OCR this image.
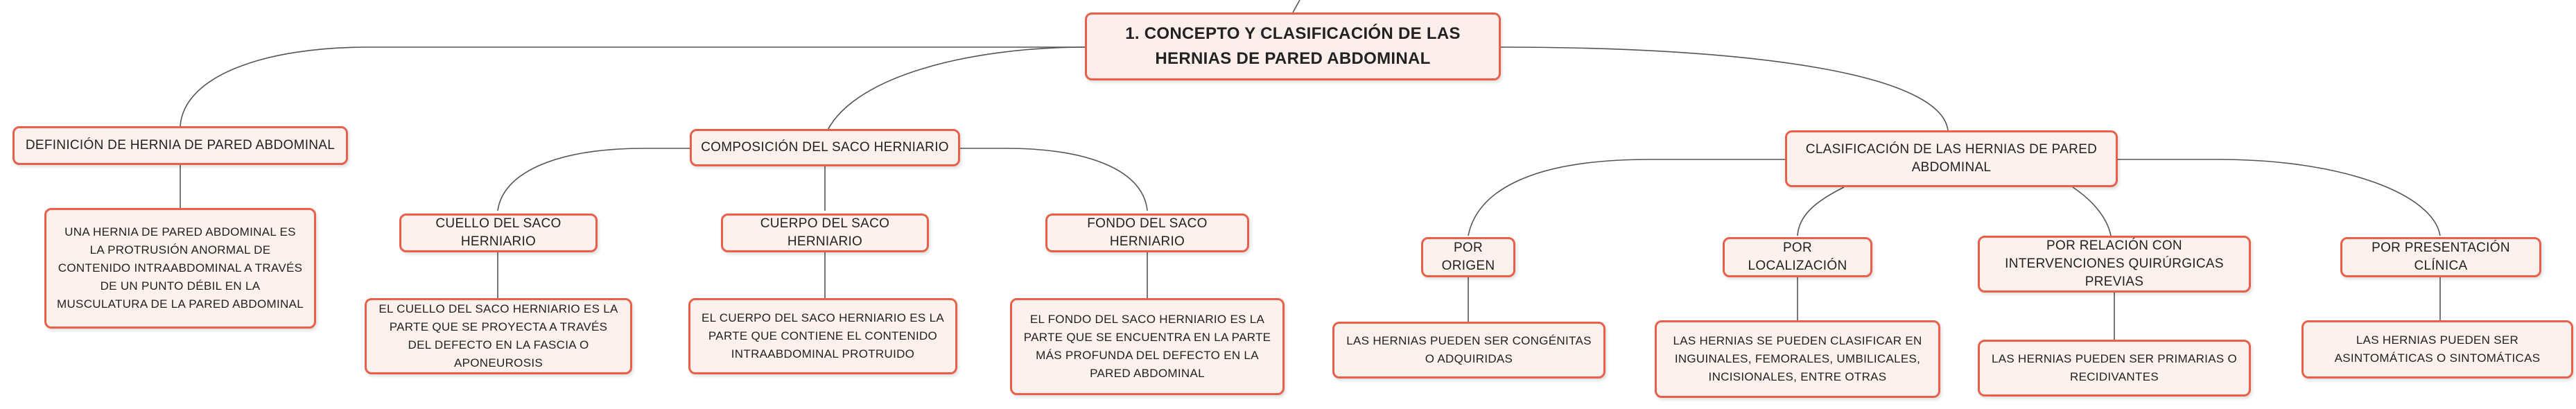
1. CONCEPTO Y CLASIFICACIÓN DE LAS HERNIAS DE PARED ABDOMINAL
DEFINICIÓN DE HERNIA DE PARED ABDOMINAL
UNA HERNIA DE PARED ABDOMINAL ES LA PROTRUSIÓN ANORMAL DE CONTENIDO INTRAABDOMINAL A TRAVÉS DE UN PUNTO DÉBIL EN LA MUSCULATURA DE LA PARED ABDOMINAL
COMPOSICIÓN DEL SACO HERNIARIO
CUELLO DEL SACO HERNIARIO
EL CUELLO DEL SACO HERNIARIO ES LA PARTE QUE SE PROYECTA A TRAVÉS DEL DEFECTO EN LA FASCIA O APONEUROSIS
CUERPO DEL SACO HERNIARIO
EL CUERPO DEL SACO HERNIARIO ES LA PARTE QUE CONTIENE EL CONTENIDO INTRAABDOMINAL PROTRUIDO
FONDO DEL SACO HERNIARIO
EL FONDO DEL SACO HERNIARIO ES LA PARTE QUE SE ENCUENTRA EN LA PARTE MÁS PROFUNDA DEL DEFECTO EN LA PARED ABDOMINAL
CLASIFICACIÓN DE LAS HERNIAS DE PARED ABDOMINAL
POR ORIGEN
LAS HERNIAS PUEDEN SER CONGÉNITAS O ADQUIRIDAS
POR LOCALIZACIÓN
LAS HERNIAS SE PUEDEN CLASIFICAR EN INGUINALES, FEMORALES, UMBILICALES, INCISIONALES, ENTRE OTRAS
POR RELACIÓN CON INTERVENCIONES QUIRÚRGICAS PREVIAS
LAS HERNIAS PUEDEN SER PRIMARIAS O RECIDIVANTES
POR PRESENTACIÓN CLÍNICA
LAS HERNIAS PUEDEN SER ASINTOMÁTICAS O SINTOMÁTICAS
